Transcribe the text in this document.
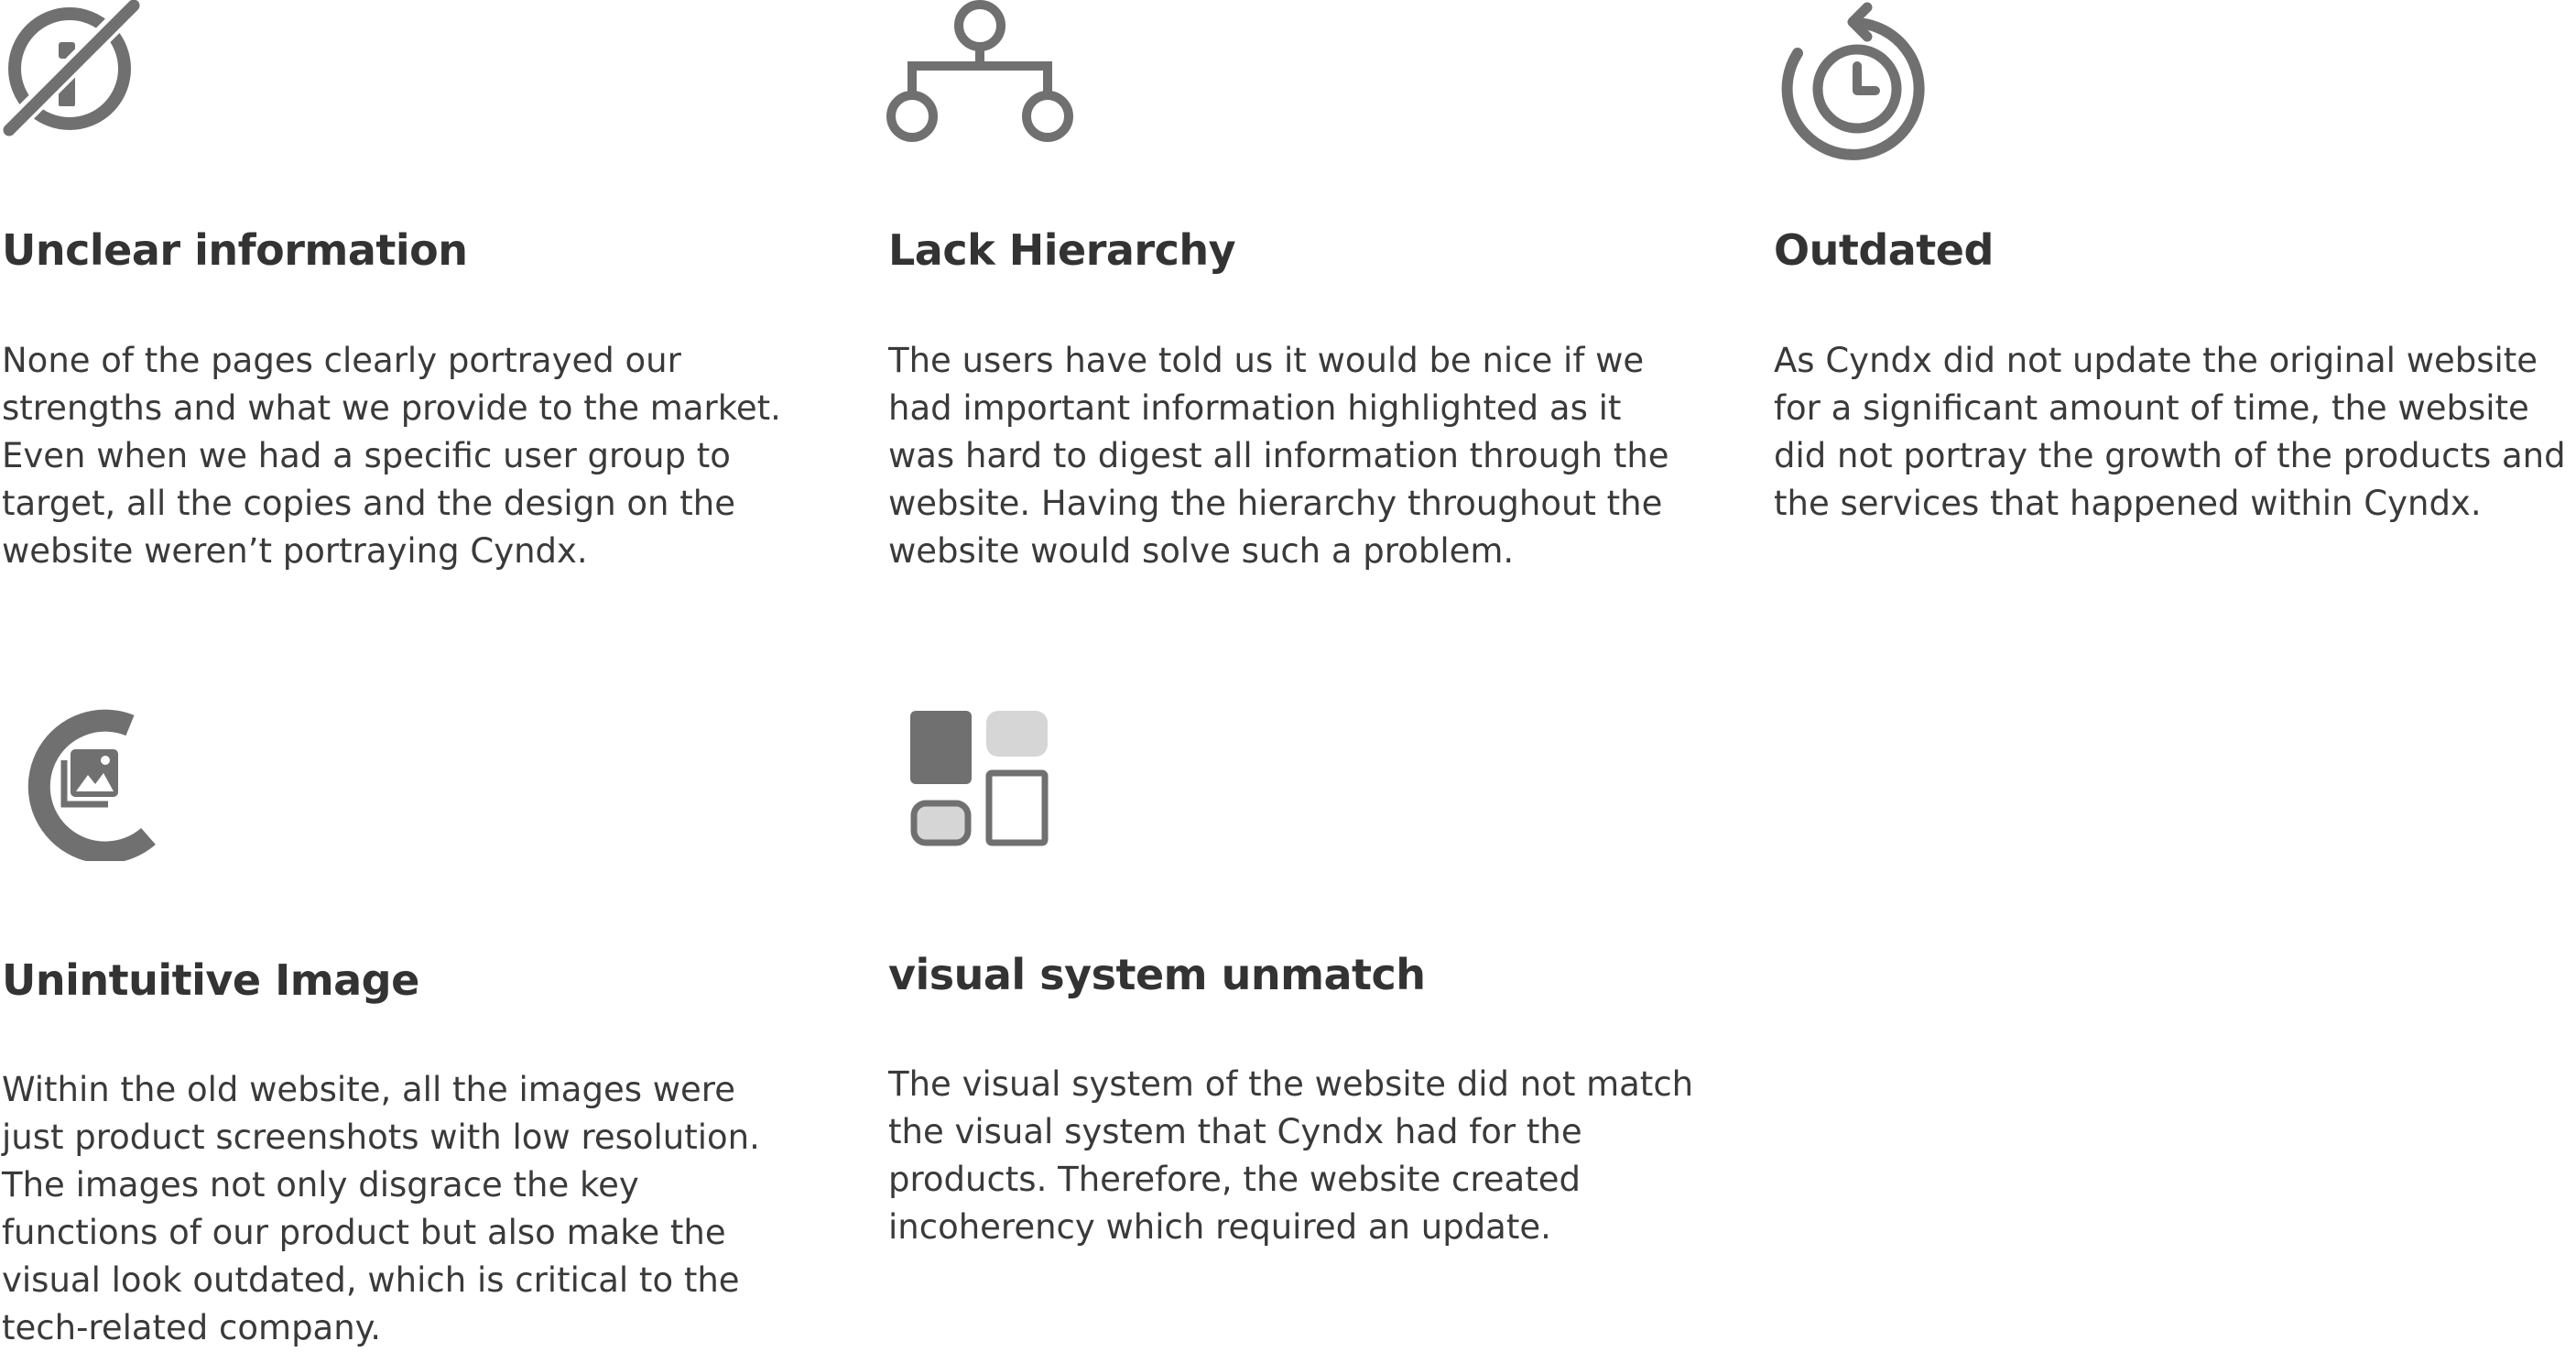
Unclear information

None of the pages clearly portrayed our
strengths and what we provide to the market.
Even when we had a specific user group to
target, all the copies and the design on the
website weren’t portraying Cyndx.

Lack Hierarchy

The users have told us it would be nice if we
had important information highlighted as it
was hard to digest all information through the
website. Having the hierarchy throughout the
website would solve such a problem.

Outdated

As Cyndx did not update the original website
for a significant amount of time, the website
did not portray the growth of the products and
the services that happened within Cyndx.

Unintuitive Image

Within the old website, all the images were
just product screenshots with low resolution.
The images not only disgrace the key
functions of our product but also make the
visual look outdated, which is critical to the
tech-related company.

visual system unmatch

The visual system of the website did not match
the visual system that Cyndx had for the
products. Therefore, the website created
incoherency which required an update.
